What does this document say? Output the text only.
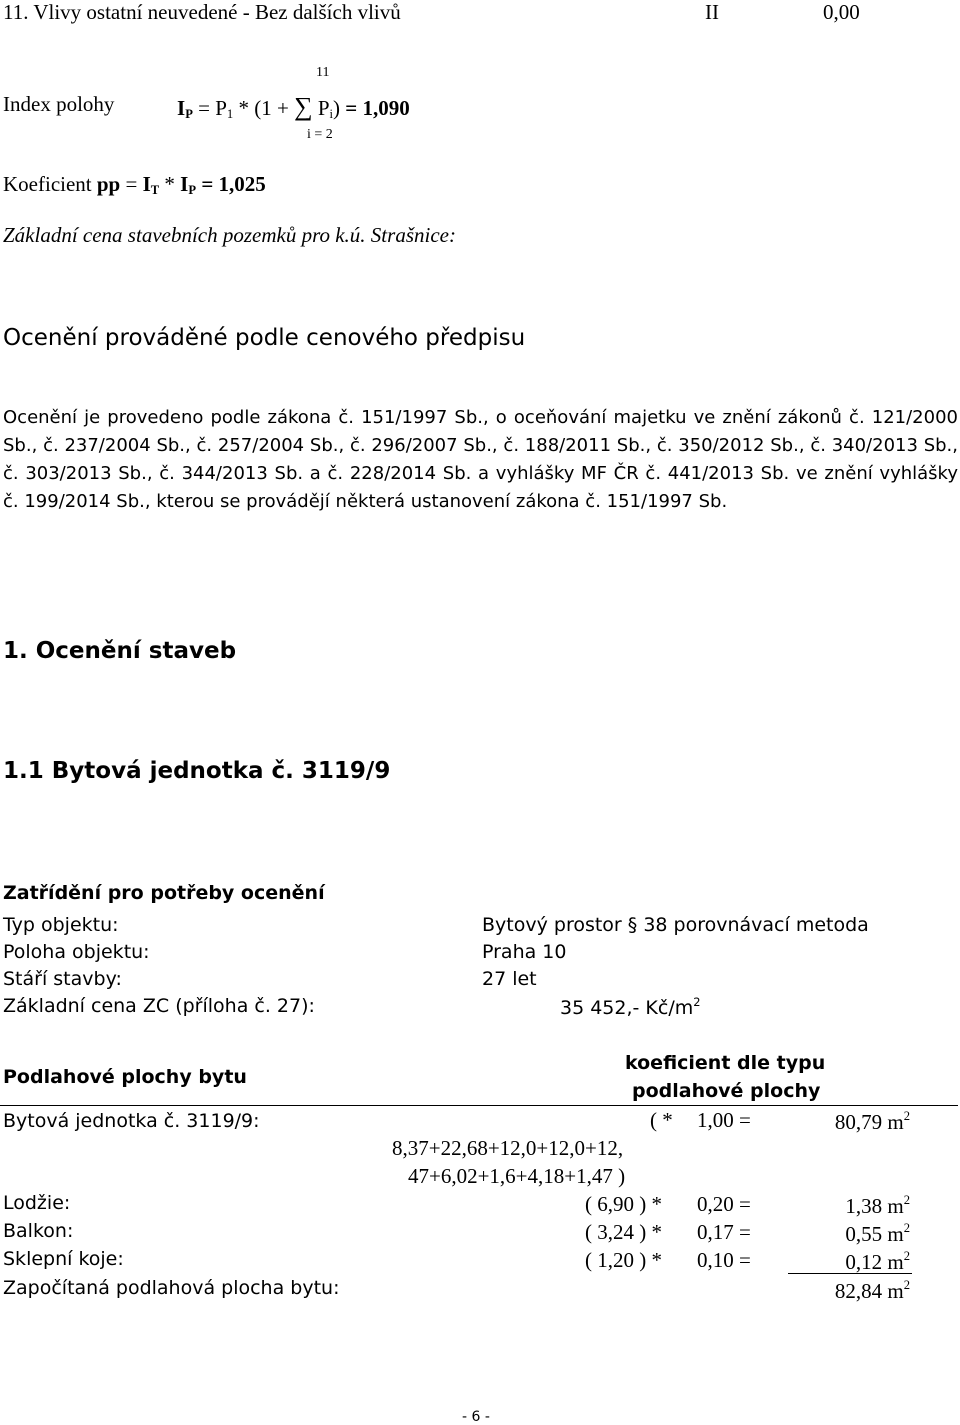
11. Vlivy ostatní neuvedené - Bez dalších vlivů	II	0,00
11
Index polohy	$I_P = P_1 * (1$ + ∑ $P_i) = 1,090$
i = 2
Koeficient pp = $I_T * I_P = 1,025$
Základní cena stavebních pozemků pro k.ú. Strašnice:
Ocenění prováděné podle cenového předpisu
Ocenění je provedeno podle zákona č. 151/1997 Sb., o oceňování majetku ve znění zákonů č. 121/2000 Sb., č. 237/2004 Sb., č. 257/2004 Sb., č. 296/2007 Sb., č. 188/2011 Sb., č. 350/2012 Sb., č. 340/2013 Sb., č. 303/2013 Sb., č. 344/2013 Sb. a č. 228/2014 Sb. a vyhlášky MF ČR č. 441/2013 Sb. ve znění vyhlášky č. 199/2014 Sb., kterou se provádějí některá ustanovení zákona č. 151/1997 Sb.
1. Ocenění staveb
1.1 Bytová jednotka č. 3119/9
Zatřídění pro potřeby ocenění
Typ objektu:	Bytový prostor § 38 porovnávací metoda
Poloha objektu:	Praha 10
Stáří stavby:	27 let
Základní cena ZC (příloha č. 27):	35 452,- $Kč/m^2$
Podlahové plochy bytu
koeficient dle typu
podlahové plochy
Bytová jednotka č. 3119/9:	( * 1,00 =	80,79 $m^2$
8,37+22,68+12,0+12,0+12,
47+6,02+1,6+4,18+1,47 )
Lodžie:	( 6,90 ) * 0,20 =	1,38 $m^2$
Balkon:	( 3,24 ) * 0,17 =	0,55 $m^2$
Sklepní koje:	( 1,20 ) * 0,10 =	0,12 $m^2$
Započítaná podlahová plocha bytu:	82,84 $m^2$
- 6 -
